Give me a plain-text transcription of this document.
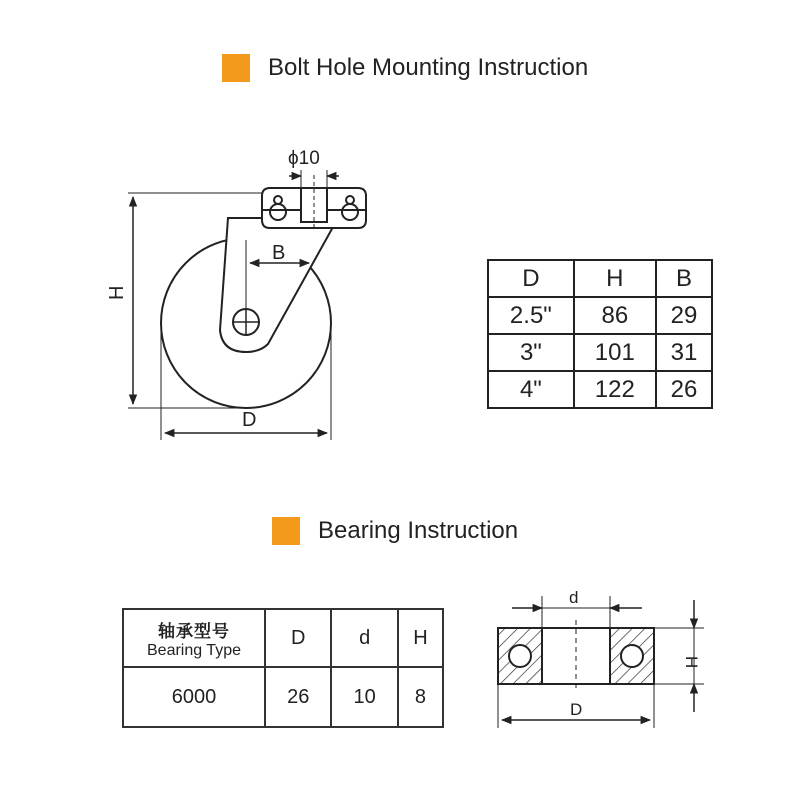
Bolt Hole Mounting Instruction
ϕ10
H
B
D
D	H	B
2.5"	86	29
3"	101	31
4"	122	26
Bearing Instruction
轴承型号
Bearing Type	D	d	H
6000	26	10	8
d
H
D
